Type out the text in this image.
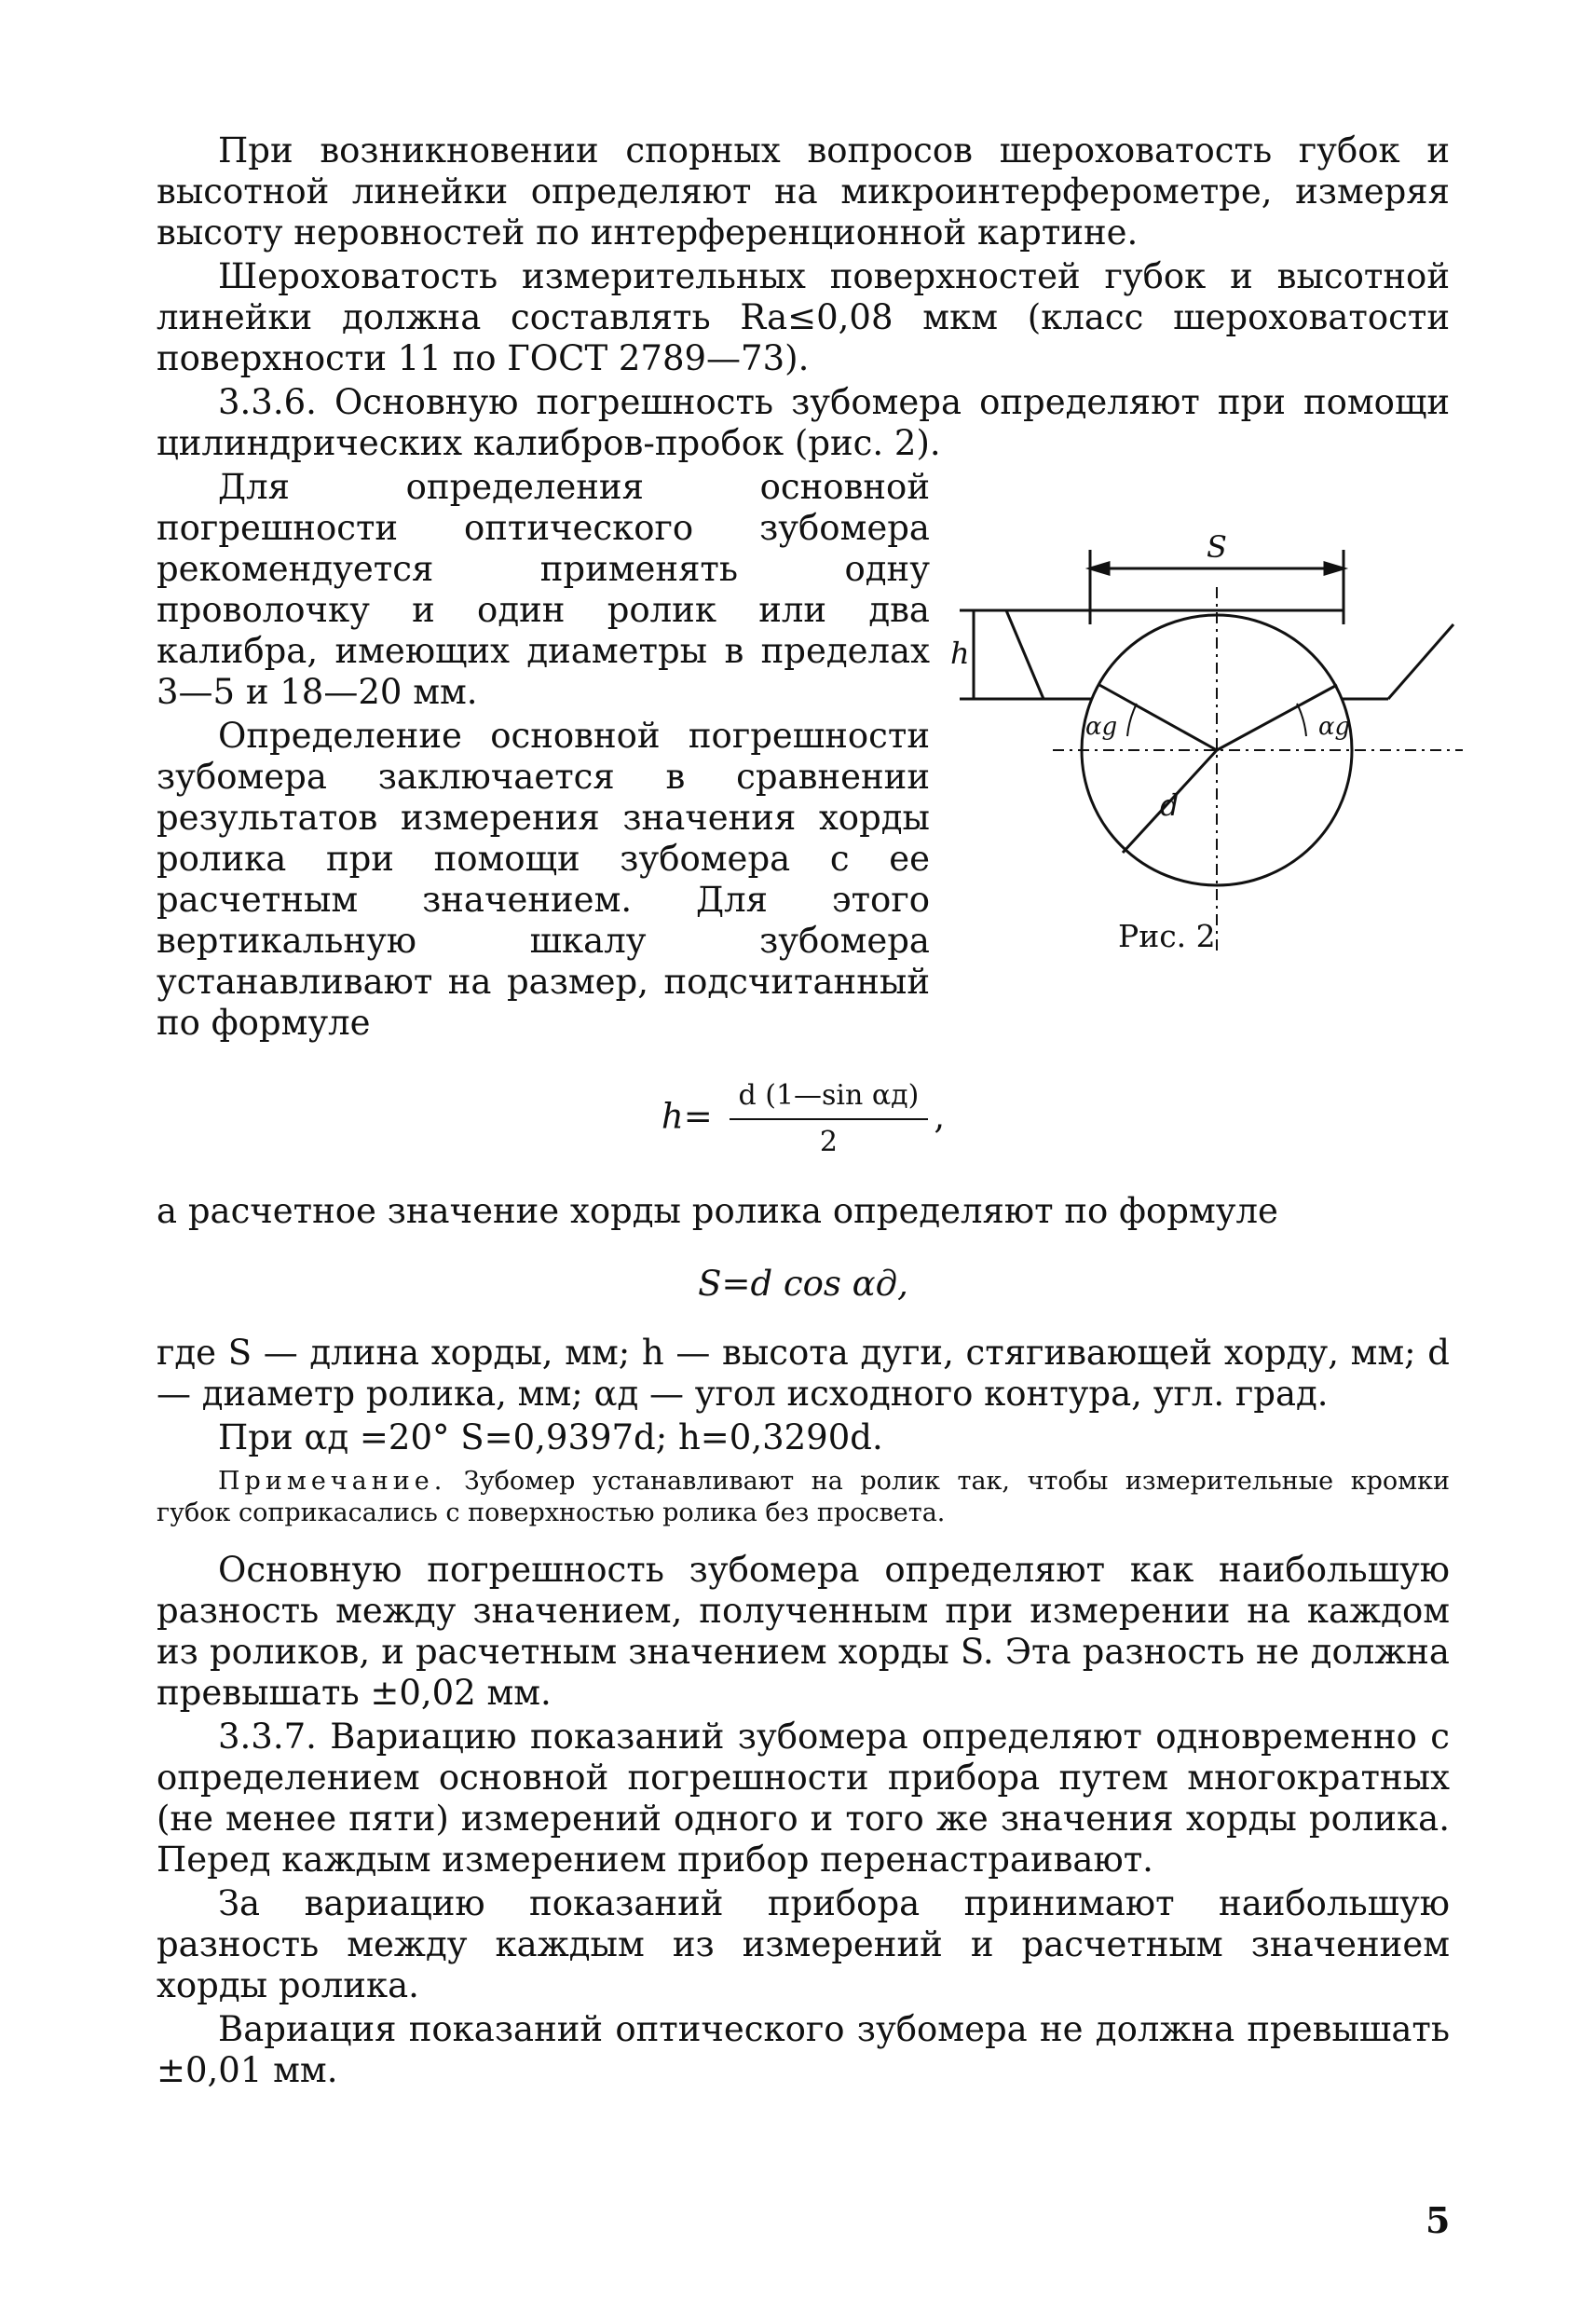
При возникновении спорных вопросов шероховатость губок и высотной линейки определяют на микроинтерферометре, измеряя высоту неровностей по интерференционной картине.

Шероховатость измерительных поверхностей губок и высотной линейки должна составлять Ra≤0,08 мкм (класс шероховатости поверхности 11 по ГОСТ 2789—73).

3.3.6. Основную погрешность зубомера определяют при помощи цилиндрических калибров-пробок (рис. 2).

Для определения основной погрешности оптического зубомера рекомендуется применять одну проволочку и один ролик или два калибра, имеющих диаметры в пределах 3—5 и 18—20 мм.

Определение основной погрешности зубомера заключается в сравнении результатов измерения значения хорды ролика при помощи зубомера с ее расчетным значением. Для этого вертикальную шкалу зубомера устанавливают на размер, подсчитанный по формуле

$h= \frac{\text{d (1—sin αд)}}{2}$ ,

а расчетное значение хорды ролика определяют по формуле

S=d cos αд,

где S — длина хорды, мм; h — высота дуги, стягивающей хорду, мм; d — диаметр ролика, мм; αд — угол исходного контура, угл. град.

При αд =20° S=0,9397d; h=0,3290d.

Примечание. Зубомер устанавливают на ролик так, чтобы измерительные кромки губок соприкасались с поверхностью ролика без просвета.

Основную погрешность зубомера определяют как наибольшую разность между значением, полученным при измерении на каждом из роликов, и расчетным значением хорды S. Эта разность не должна превышать ±0,02 мм.

3.3.7. Вариацию показаний зубомера определяют одновременно с определением основной погрешности прибора путем многократных (не менее пяти) измерений одного и того же значения хорды ролика. Перед каждым измерением прибор перенастраивают.

За вариацию показаний прибора принимают наибольшую разность между каждым из измерений и расчетным значением хорды ролика.

Вариация показаний оптического зубомера не должна превышать ±0,01 мм.

S
h
d
αg	αg
Рис. 2
5
